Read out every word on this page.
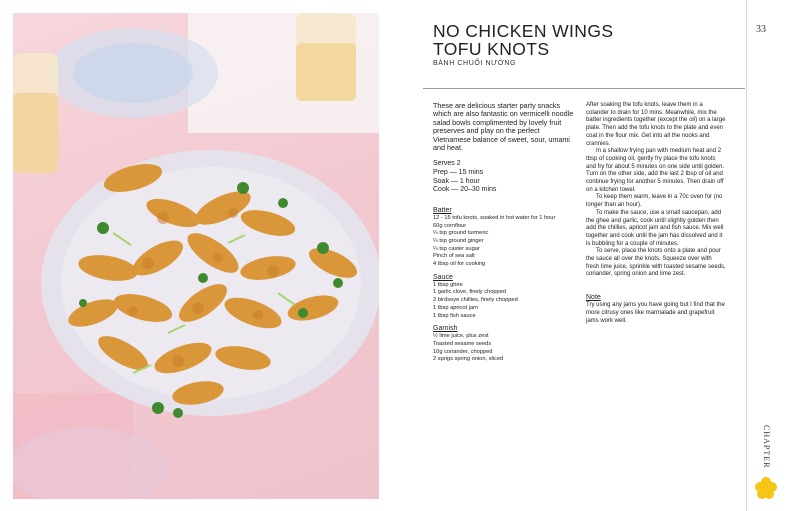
33
NO CHICKEN WINGS
TOFU KNOTS
BÁNH CHUỐI NƯỚNG

These are delicious starter party snacks which are also fantastic on vermicelli noodle salad bowls complimented by lovely fruit preserves and play on the perfect Vietnamese balance of sweet, sour, umami and heat.

Serves 2
Prep — 15 mins
Soak — 1 hour
Cook — 20–30 mins

Batter

12 - 15 tofu knots, soaked in hot water for 1 hour
60g cornflour
¼ tsp ground turmeric
¼ tsp ground ginger
¼ tsp caster sugar
Pinch of sea salt
4 tbsp oil for cooking

Sauce

1 tbsp ghee
1 garlic clove, finely chopped
2 birdseye chillies, finely chopped
1 tbsp apricot jam
1 tbsp fish sauce

Garnish

½ lime juice, plus zest
Toasted sesame seeds
10g coriander, chopped
2 sprigs spring onion, sliced

After soaking the tofu knots, leave them in a colander to drain for 10 mins. Meanwhile, mix the batter ingredients together (except the oil) on a large plate. Then add the tofu knots to the plate and even coat in the flour mix. Get into all the nooks and crannies.

In a shallow frying pan with medium heat and 2 tbsp of cooking oil, gently fry place the tofu knots and fry for about 5 minutes on one side until golden. Turn on the other side, add the last 2 tbsp of oil and continue frying for another 5 minutes. Then drain off on a kitchen towel.

To keep them warm, leave in a 70c oven for (no longer than an hour).

To make the sauce, use a small saucepan, add the ghee and garlic, cook until slightly golden then add the chillies, apricot jam and fish sauce. Mix well together and cook until the jam has dissolved and it is bubbling for a couple of minutes.

To serve, place the knots onto a plate and pour the sauce all over the knots. Squeeze over with fresh lime juice, sprinkle with toasted sesame seeds, coriander, spring onion and lime zest.

Note

Try using any jams you have going but I find that the more citrusy ones like marmalade and grapefruit jams work well.
CHAPTER
